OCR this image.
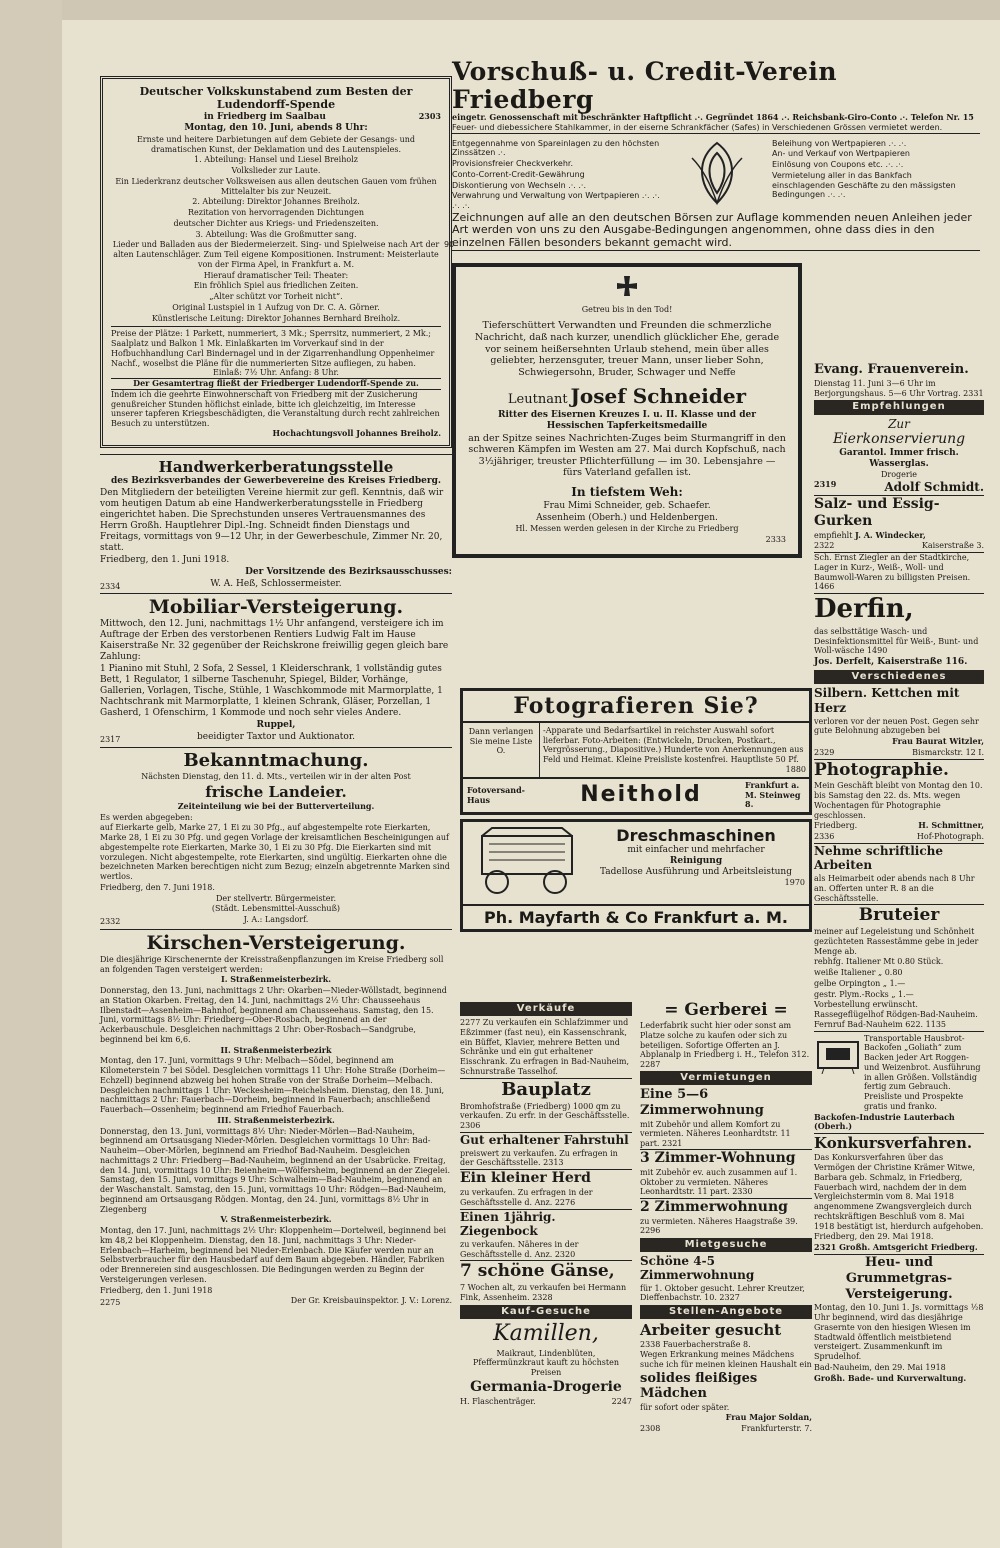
Deutscher Volkskunstabend zum Besten der Ludendorff-Spende
in Friedberg im Saalbau	2303
Montag, den 10. Juni, abends 8 Uhr:

Ernste und heitere Darbietungen auf dem Gebiete der Gesangs- und dramatischen Kunst, der Deklamation und des Lautenspieles.

1. Abteilung: Hansel und Liesel Breiholz

Volkslieder zur Laute.

Ein Liederkranz deutscher Volksweisen aus allen deutschen Gauen vom frühen Mittelalter bis zur Neuzeit.

2. Abteilung: Direktor Johannes Breiholz.

Rezitation von hervorragenden Dichtungen

deutscher Dichter aus Kriegs- und Friedenszeiten.

3. Abteilung: Was die Großmutter sang.

Lieder und Balladen aus der Biedermeierzeit. Sing- und Spielweise nach Art der alten Lautenschläger. Zum Teil eigene Kompositionen. Instrument: Meisterlaute von der Firma Apel, in Frankfurt a. M.

Hierauf dramatischer Teil: Theater:

Ein fröhlich Spiel aus friedlichen Zeiten.

„Alter schützt vor Torheit nicht“.

Original Lustspiel in 1 Aufzug von Dr. C. A. Görner.

Künstlerische Leitung: Direktor Johannes Bernhard Breiholz.

Preise der Plätze: 1 Parkett, nummeriert, 3 Mk.; Sperrsitz, nummeriert, 2 Mk.; Saalplatz und Balkon 1 Mk. Einlaßkarten im Vorverkauf sind in der Hofbuchhandlung Carl Bindernagel und in der Zigarrenhandlung Oppenheimer Nachf., woselbst die Pläne für die nummerierten Sitze aufliegen, zu haben.
Einlaß: 7½ Uhr. Anfang: 8 Uhr.
Der Gesamtertrag fließt der Friedberger Ludendorff-Spende zu.
Indem ich die geehrte Einwohnerschaft von Friedberg mit der Zusicherung genußreicher Stunden höflichst einlade, bitte ich gleichzeitig, im Interesse unserer tapferen Kriegsbeschädigten, die Veranstaltung durch recht zahlreichen Besuch zu unterstützen.
Hochachtungsvoll Johannes Breiholz.
Handwerkerberatungsstelle
des Bezirksverbandes der Gewerbevereine des Kreises Friedberg.

Den Mitgliedern der beteiligten Vereine hiermit zur gefl. Kenntnis, daß wir vom heutigen Datum ab eine Handwerkerberatungsstelle in Friedberg eingerichtet haben. Die Sprechstunden unseres Vertrauensmannes des Herrn Großh. Hauptlehrer Dipl.-Ing. Schneidt finden Dienstags und Freitags, vormittags von 9—12 Uhr, in der Gewerbeschule, Zimmer Nr. 20, statt.

Friedberg, den 1. Juni 1918.

Der Vorsitzende des Bezirksausschusses:

W. A. Heß, Schlossermeister.

2334
Mobiliar-Versteigerung.

Mittwoch, den 12. Juni, nachmittags 1½ Uhr anfangend, versteigere ich im Auftrage der Erben des verstorbenen Rentiers Ludwig Falt im Hause Kaiserstraße Nr. 32 gegenüber der Reichskrone freiwillig gegen gleich bare Zahlung:

1 Pianino mit Stuhl, 2 Sofa, 2 Sessel, 1 Kleiderschrank, 1 vollständig gutes Bett, 1 Regulator, 1 silberne Taschenuhr, Spiegel, Bilder, Vorhänge, Gallerien, Vorlagen, Tische, Stühle, 1 Waschkommode mit Marmorplatte, 1 Nachtschrank mit Marmorplatte, 1 kleinen Schrank, Gläser, Porzellan, 1 Gasherd, 1 Ofenschirm, 1 Kommode und noch sehr vieles Andere.

Ruppel,

beeidigter Taxtor und Auktionator.

2317
Bekanntmachung.

Nächsten Dienstag, den 11. d. Mts., verteilen wir in der alten Post

frische Landeier.

Zeiteinteilung wie bei der Butterverteilung.

Es werden abgegeben:

auf Eierkarte gelb, Marke 27, 1 Ei zu 30 Pfg., auf abgestempelte rote Eierkarten, Marke 28, 1 Ei zu 30 Pfg. und gegen Vorlage der kreisamtlichen Bescheinigungen auf abgestempelte rote Eierkarten, Marke 30, 1 Ei zu 30 Pfg. Die Eierkarten sind mit vorzulegen. Nicht abgestempelte, rote Eierkarten, sind ungültig. Eierkarten ohne die bezeichneten Marken berechtigen nicht zum Bezug; einzeln abgetrennte Marken sind wertlos.

Friedberg, den 7. Juni 1918.

Der stellvertr. Bürgermeister.

(Städt. Lebensmittel-Ausschuß)

J. A.: Langsdorf.

2332
Kirschen-Versteigerung.

Die diesjährige Kirschenernte der Kreisstraßenpflanzungen im Kreise Friedberg soll an folgenden Tagen versteigert werden:

I. Straßenmeisterbezirk.

Donnerstag, den 13. Juni, nachmittags 2 Uhr: Okarben—Nieder-Wöllstadt, beginnend an Station Okarben. Freitag, den 14. Juni, nachmittags 2½ Uhr: Chausseehaus Ilbenstadt—Assenheim—Bahnhof, beginnend am Chausseehaus. Samstag, den 15. Juni, vormittags 8½ Uhr: Friedberg—Ober-Rosbach, beginnend an der Ackerbauschule. Desgleichen nachmittags 2 Uhr: Ober-Rosbach—Sandgrube, beginnend bei km 6,6.

II. Straßenmeisterbezirk

Montag, den 17. Juni, vormittags 9 Uhr: Melbach—Södel, beginnend am Kilometerstein 7 bei Södel. Desgleichen vormittags 11 Uhr: Hohe Straße (Dorheim—Echzell) beginnend abzweig bei hohen Straße von der Straße Dorheim—Melbach. Desgleichen nachmittags 1 Uhr: Weckesheim—Reichelsheim. Dienstag, den 18. Juni, nachmittags 2 Uhr: Fauerbach—Dorheim, beginnend in Fauerbach; anschließend Fauerbach—Ossenheim; beginnend am Friedhof Fauerbach.

III. Straßenmeisterbezirk.

Donnerstag, den 13. Juni, vormittags 8½ Uhr: Nieder-Mörlen—Bad-Nauheim, beginnend am Ortsausgang Nieder-Mörlen. Desgleichen vormittags 10 Uhr: Bad-Nauheim—Ober-Mörlen, beginnend am Friedhof Bad-Nauheim. Desgleichen nachmittags 2 Uhr: Friedberg—Bad-Nauheim, beginnend an der Usabrücke. Freitag, den 14. Juni, vormittags 10 Uhr: Beienheim—Wölfersheim, beginnend an der Ziegelei. Samstag, den 15. Juni, vormittags 9 Uhr: Schwalheim—Bad-Nauheim, beginnend an der Waschanstalt. Samstag, den 15. Juni, vormittags 10 Uhr: Rödgen—Bad-Nauheim, beginnend am Ortsausgang Rödgen. Montag, den 24. Juni, vormittags 8½ Uhr in Ziegenberg

V. Straßenmeisterbezirk.

Montag, den 17. Juni, nachmittags 2½ Uhr: Kloppenheim—Dortelweil, beginnend bei km 48,2 bei Kloppenheim. Dienstag, den 18. Juni, nachmittags 3 Uhr: Nieder-Erlenbach—Harheim, beginnend bei Nieder-Erlenbach. Die Käufer werden nur an Selbstverbraucher für den Hausbedarf auf dem Baum abgegeben. Händler, Fabriken oder Brennereien sind ausgeschlossen. Die Bedingungen werden zu Beginn der Versteigerungen verlesen.

Friedberg, den 1. Juni 1918

Der Gr. Kreisbauinspektor. J. V.: Lorenz.

2275
Vorschuß- u. Credit-Verein Friedberg
eingetr. Genossenschaft mit beschränkter Haftpflicht .·. Gegründet 1864 .·. Reichsbank-Giro-Conto .·. Telefon Nr. 15
Feuer- und diebessichere Stahlkammer, in der eiserne Schrankfächer (Safes) in Verschiedenen Grössen vermietet werden.
Entgegennahme von Spareinlagen zu den höchsten Zinssätzen .·.
Provisionsfreier Checkverkehr.
Conto-Corrent-Credit-Gewährung
Diskontierung von Wechseln .·. .·.
Verwahrung und Verwaltung von Wertpapieren .·. .·. .·. .·.
Beleihung von Wertpapieren .·. .·.
An- und Verkauf von Wertpapieren
Einlösung von Coupons etc. .·. .·.
Vermietelung aller in das Bankfach einschlagenden Geschäfte zu den mässigsten Bedingungen .·. .·.
Zeichnungen auf alle an den deutschen Börsen zur Auflage kommenden neuen Anleihen jeder Art werden von uns zu den Ausgabe-Bedingungen angenommen, ohne dass dies in den einzelnen Fällen besonders bekannt gemacht wird.
90
Getreu bis in den Tod!

Tieferschüttert Verwandten und Freunden die schmerzliche Nachricht, daß nach kurzer, unendlich glücklicher Ehe, gerade vor seinem heißersehnten Urlaub stehend, mein über alles geliebter, herzensguter, treuer Mann, unser lieber Sohn, Schwiegersohn, Bruder, Schwager und Neffe

Leutnant Josef Schneider

Ritter des Eisernen Kreuzes I. u. II. Klasse und der Hessischen Tapferkeitsmedaille

an der Spitze seines Nachrichten-Zuges beim Sturmangriff in den schweren Kämpfen im Westen am 27. Mai durch Kopfschuß, nach 3½jähriger, treuster Pflichterfüllung — im 30. Lebensjahre — fürs Vaterland gefallen ist.

In tiefstem Weh:

Frau Mimi Schneider, geb. Schaefer.

Assenheim (Oberh.) und Heldenbergen.

Hl. Messen werden gelesen in der Kirche zu Friedberg

2333

Fotografieren Sie?
Dann verlangen Sie meine Liste O.
-Apparate und Bedarfsartikel in reichster Auswahl sofort lieferbar. Foto-Arbeiten: (Entwickeln, Drucken, Postkart., Vergrösserung., Diapositive.) Hunderte von Anerkennungen aus Feld und Heimat. Kleine Preisliste kostenfrei. Hauptliste 50 Pf.
1880
Fotoversand-Haus	Neithold	Frankfurt a. M. Steinweg 8.
Dreschmaschinen
mit einfacher und mehrfacher
Reinigung
Tadellose Ausführung und Arbeitsleistung
1970
Ph. Mayfarth & Co Frankfurt a. M.
Verkäufe

2277 Zu verkaufen ein Schlafzimmer und Eßzimmer (fast neu), ein Kassenschrank, ein Büffet, Klavier, mehrere Betten und Schränke und ein gut erhaltener Eisschrank. Zu erfragen in Bad-Nauheim, Schnurstraße Tasselhof.

Bauplatz

Bromhofstraße (Friedberg) 1000 qm zu verkaufen. Zu erfr. in der Geschäftsstelle. 2306

Gut erhaltener Fahrstuhl

preiswert zu verkaufen. Zu erfragen in der Geschäftsstelle. 2313

Ein kleiner Herd

zu verkaufen. Zu erfragen in der Geschäftsstelle d. Anz. 2276

Einen 1jährig. Ziegenbock

zu verkaufen. Näheres in der Geschäftsstelle d. Anz. 2320

7 schöne Gänse,

7 Wochen alt, zu verkaufen bei Hermann Fink, Assenheim. 2328

Kauf-Gesuche
Kamillen,

Maikraut, Lindenblüten, Pfeffermünzkraut kauft zu höchsten Preisen

Germania-Drogerie

H. Flaschenträger.	2247

= Gerberei =

Lederfabrik sucht hier oder sonst am Platze solche zu kaufen oder sich zu beteiligen. Sofortige Offerten an J. Abplanalp in Friedberg i. H., Telefon 312. 2287

Vermietungen
Eine 5—6 Zimmerwohnung

mit Zubehör und allem Komfort zu vermieten. Näheres Leonhardtstr. 11 part. 2321

3 Zimmer-Wohnung

mit Zubehör ev. auch zusammen auf 1. Oktober zu vermieten. Näheres Leonhardtstr. 11 part. 2330

2 Zimmerwohnung

zu vermieten. Näheres Haagstraße 39. 2296

Mietgesuche
Schöne 4-5 Zimmerwohnung

für 1. Oktober gesucht. Lehrer Kreutzer, Dieffenbachstr. 10. 2327

Stellen-Angebote
Arbeiter gesucht

2338 Fauerbacherstraße 8.

Wegen Erkrankung meines Mädchens suche ich für meinen kleinen Haushalt ein

solides fleißiges Mädchen

für sofort oder später.

Frau Major Soldan,

2308	Frankfurterstr. 7.

Evang. Frauenverein.

Dienstag 11. Juni 3—6 Uhr im Berjorgungshaus. 5—6 Uhr Vortrag. 2331

Empfehlungen
Zur
Eierkonservierung
Garantol. Immer frisch. Wasserglas.
Drogerie
2319	Adolf Schmidt.
Salz- und Essig-Gurken

empfiehlt J. A. Windecker,

2322	Kaiserstraße 3.

Sch. Ernst Ziegler an der Stadtkirche, Lager in Kurz-, Weiß-, Woll- und Baumwoll-Waren zu billigsten Preisen. 1466

Derfin,

das selbsttätige Wasch- und Desinfektionsmittel für Weiß-, Bunt- und Woll-wäsche 1490

Jos. Derfelt, Kaiserstraße 116.

Verschiedenes
Silbern. Kettchen mit Herz

verloren vor der neuen Post. Gegen sehr gute Belohnung abzugeben bei

Frau Baurat Witzler,

2329	Bismarckstr. 12 I.

Photographie.

Mein Geschäft bleibt von Montag den 10. bis Samstag den 22. ds. Mts. wegen Wochentagen für Photographie geschlossen.

Friedberg.	H. Schmittner,

2336	Hof-Photograph.

Nehme schriftliche Arbeiten

als Heimarbeit oder abends nach 8 Uhr an. Offerten unter R. 8 an die Geschäftsstelle.

Bruteier

meiner auf Legeleistung und Schönheit gezüchteten Rassestämme gebe in jeder Menge ab.

rebhfg. Italiener Mt 0.80 Stück.
weiße Italiener „ 0.80
gelbe Orpington „ 1.—
gestr. Plym.-Rocks „ 1.—

Vorbestellung erwünscht. Rassegeflügelhof Rödgen-Bad-Nauheim. Fernruf Bad-Nauheim 622. 1135

Transportable Hausbrot-Backofen „Goliath“ zum Backen jeder Art Roggen- und Weizenbrot. Ausführung in allen Größen. Vollständig fertig zum Gebrauch. Preisliste und Prospekte gratis und franko.

Backofen-Industrie Lauterbach (Oberh.)

Konkursverfahren.

Das Konkursverfahren über das Vermögen der Christine Krämer Witwe, Barbara geb. Schmalz, in Friedberg, Fauerbach wird, nachdem der in dem Vergleichstermin vom 8. Mai 1918 angenommene Zwangsvergleich durch rechtskräftigen Beschluß vom 8. Mai 1918 bestätigt ist, hierdurch aufgehoben.

Friedberg, den 29. Mai 1918.

2321 Großh. Amtsgericht Friedberg.

Heu- und Grummetgras-Versteigerung.

Montag, den 10. Juni 1. Js. vormittags ½8 Uhr beginnend, wird das diesjährige Grasernte von den hiesigen Wiesen im Stadtwald öffentlich meistbietend versteigert. Zusammenkunft im Sprudelhof.

Bad-Nauheim, den 29. Mai 1918

Großh. Bade- und Kurverwaltung.
